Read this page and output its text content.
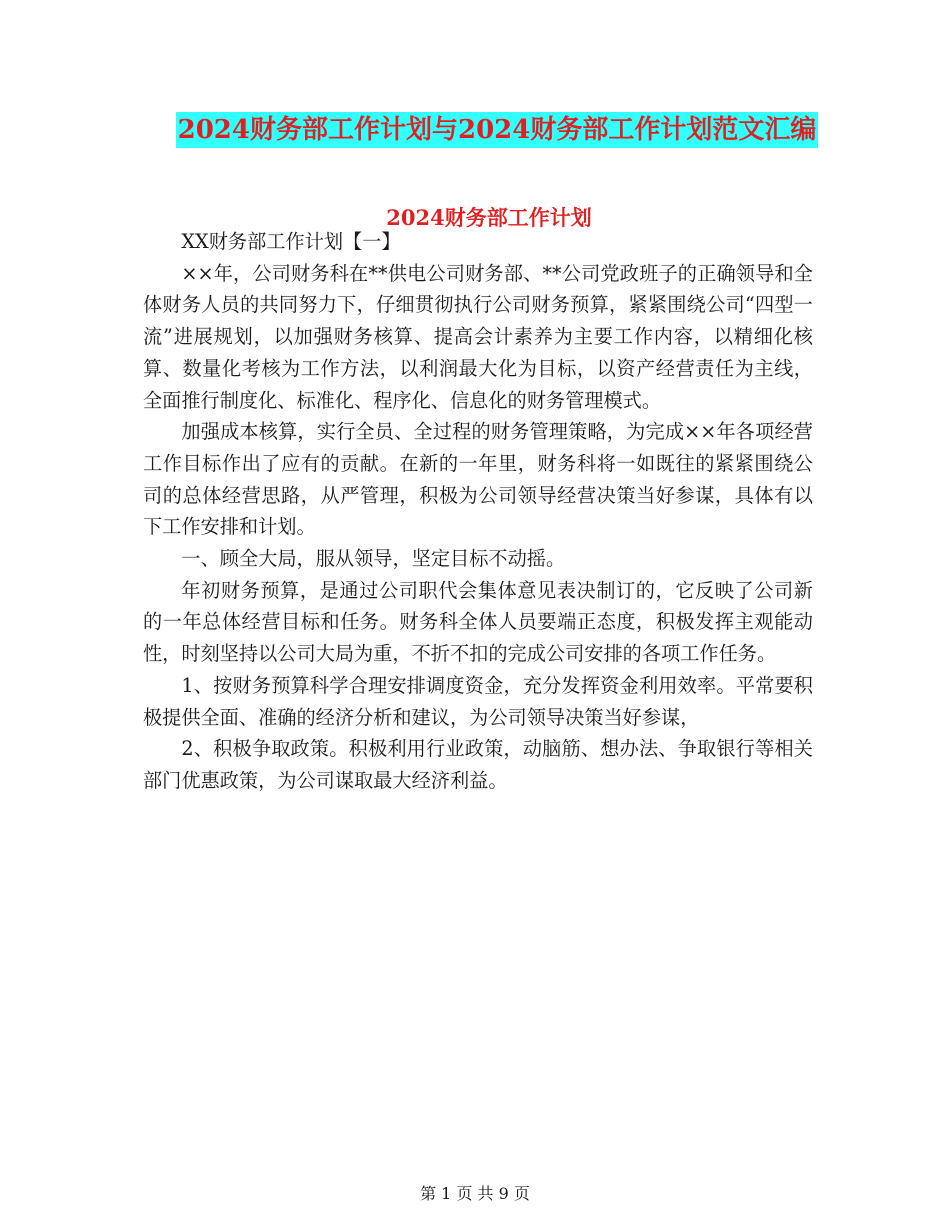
2024财务部工作计划与2024财务部工作计划范文汇编
2024财务部工作计划

XX财务部工作计划【一】

××年，公司财务科在**供电公司财务部、**公司党政班子的正确领导和全体财务人员的共同努力下，仔细贯彻执行公司财务预算，紧紧围绕公司“四型一流”进展规划，以加强财务核算、提高会计素养为主要工作内容，以精细化核算、数量化考核为工作方法，以利润最大化为目标，以资产经营责任为主线，全面推行制度化、标准化、程序化、信息化的财务管理模式。

加强成本核算，实行全员、全过程的财务管理策略，为完成××年各项经营工作目标作出了应有的贡献。在新的一年里，财务科将一如既往的紧紧围绕公司的总体经营思路，从严管理，积极为公司领导经营决策当好参谋，具体有以下工作安排和计划。

一、顾全大局，服从领导，坚定目标不动摇。

年初财务预算，是通过公司职代会集体意见表决制订的，它反映了公司新的一年总体经营目标和任务。财务科全体人员要端正态度，积极发挥主观能动性，时刻坚持以公司大局为重，不折不扣的完成公司安排的各项工作任务。

1、按财务预算科学合理安排调度资金，充分发挥资金利用效率。平常要积极提供全面、准确的经济分析和建议，为公司领导决策当好参谋，

2、积极争取政策。积极利用行业政策，动脑筋、想办法、争取银行等相关部门优惠政策，为公司谋取最大经济利益。

第 1 页 共 9 页
